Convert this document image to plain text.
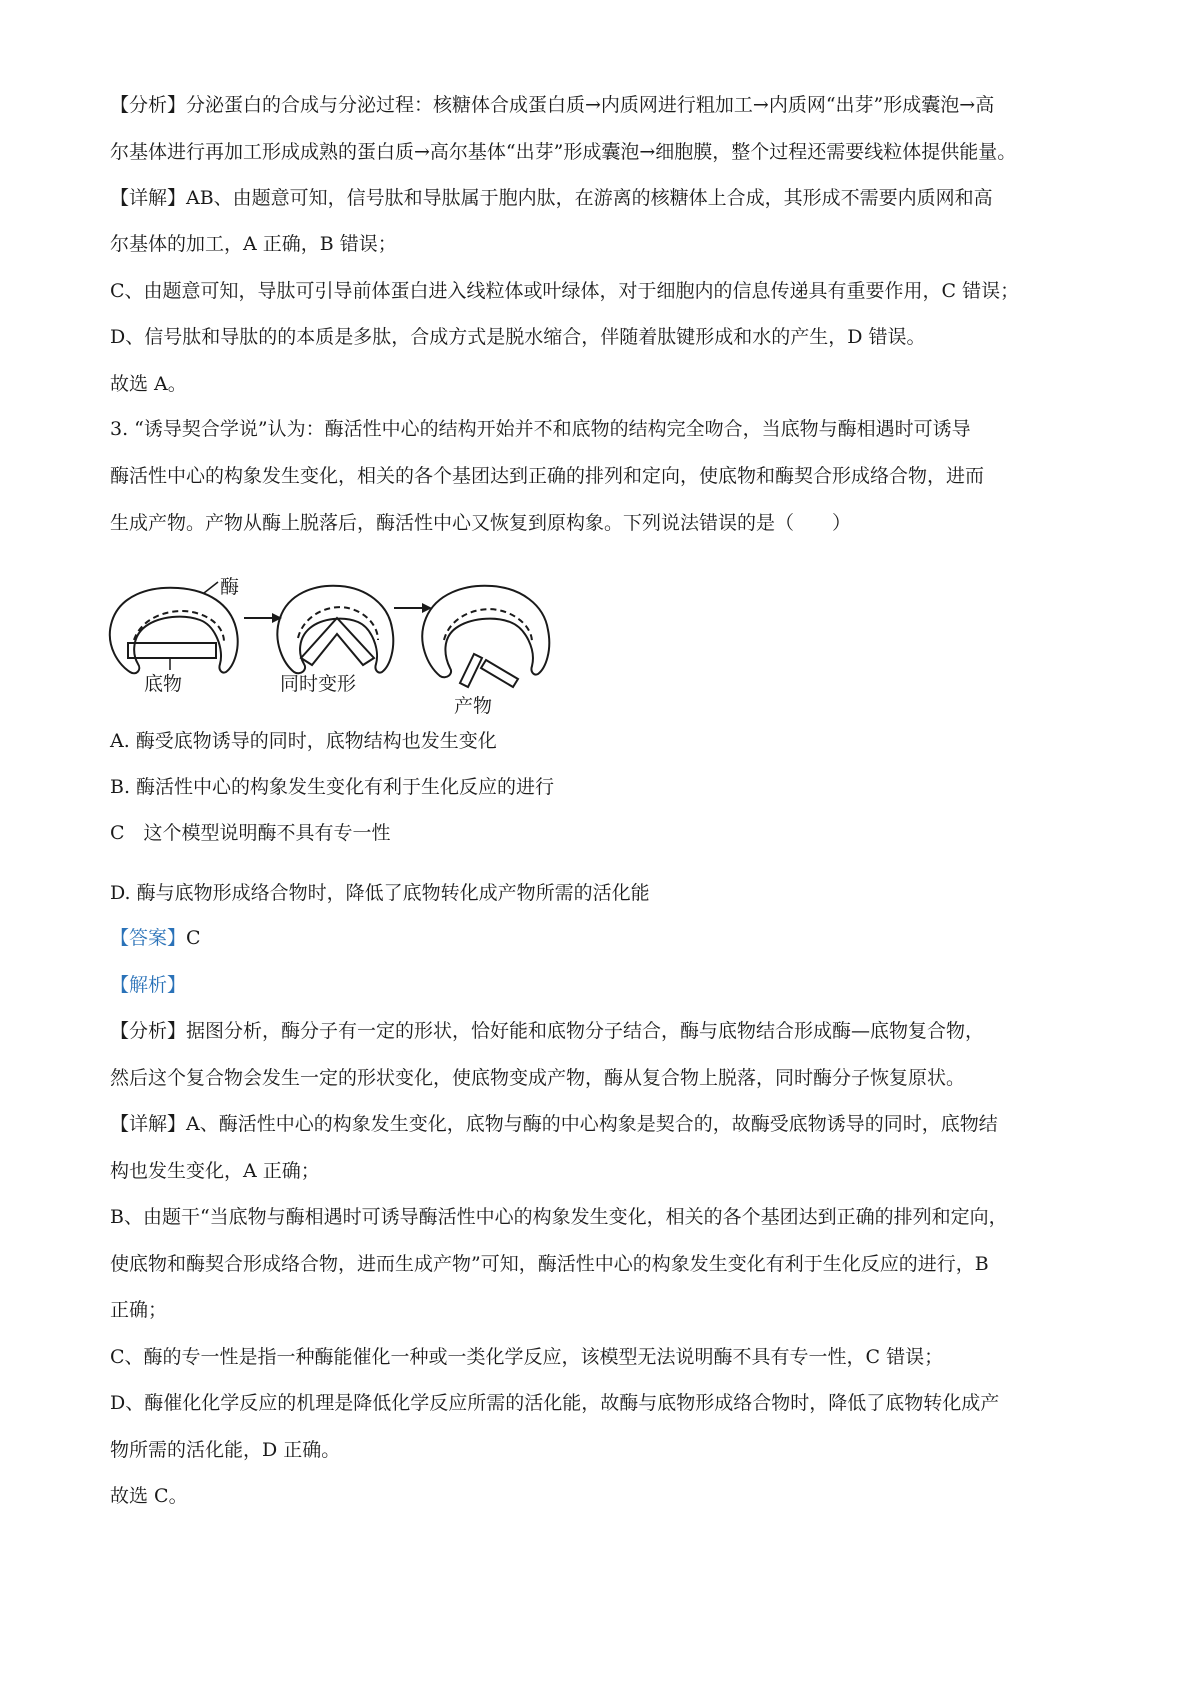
【分析】分泌蛋白的合成与分泌过程：核糖体合成蛋白质→内质网进行粗加工→内质网“出芽”形成囊泡→高

尔基体进行再加工形成成熟的蛋白质→高尔基体“出芽”形成囊泡→细胞膜，整个过程还需要线粒体提供能量。

【详解】AB、由题意可知，信号肽和导肽属于胞内肽，在游离的核糖体上合成，其形成不需要内质网和高

尔基体的加工，A 正确，B 错误；

C、由题意可知，导肽可引导前体蛋白进入线粒体或叶绿体，对于细胞内的信息传递具有重要作用，C 错误；

D、信号肽和导肽的的本质是多肽，合成方式是脱水缩合，伴随着肽键形成和水的产生，D 错误。

故选 A。

3. “诱导契合学说”认为：酶活性中心的结构开始并不和底物的结构完全吻合，当底物与酶相遇时可诱导

酶活性中心的构象发生变化，相关的各个基团达到正确的排列和定向，使底物和酶契合形成络合物，进而

生成产物。产物从酶上脱落后，酶活性中心又恢复到原构象。下列说法错误的是（　　）

酶
底物	同时变形
产物

A. 酶受底物诱导的同时，底物结构也发生变化

B. 酶活性中心的构象发生变化有利于生化反应的进行

C　这个模型说明酶不具有专一性

D. 酶与底物形成络合物时，降低了底物转化成产物所需的活化能

【答案】C

【解析】

【分析】据图分析，酶分子有一定的形状，恰好能和底物分子结合，酶与底物结合形成酶—底物复合物，

然后这个复合物会发生一定的形状变化，使底物变成产物，酶从复合物上脱落，同时酶分子恢复原状。

【详解】A、酶活性中心的构象发生变化，底物与酶的中心构象是契合的，故酶受底物诱导的同时，底物结

构也发生变化，A 正确；

B、由题干“当底物与酶相遇时可诱导酶活性中心的构象发生变化，相关的各个基团达到正确的排列和定向，

使底物和酶契合形成络合物，进而生成产物”可知，酶活性中心的构象发生变化有利于生化反应的进行，B

正确；

C、酶的专一性是指一种酶能催化一种或一类化学反应，该模型无法说明酶不具有专一性，C 错误；

D、酶催化化学反应的机理是降低化学反应所需的活化能，故酶与底物形成络合物时，降低了底物转化成产

物所需的活化能，D 正确。

故选 C。
